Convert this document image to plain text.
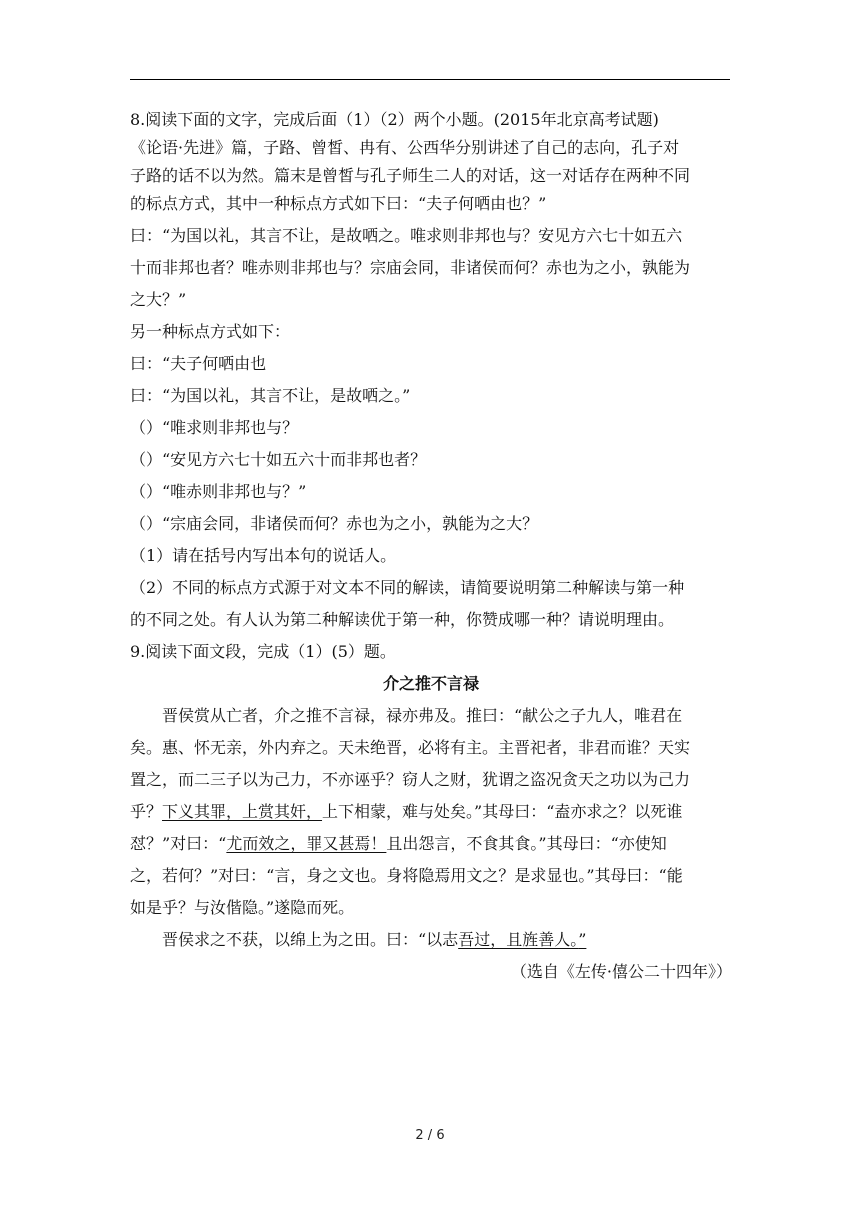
8.阅读下面的文字，完成后面（1）（2）两个小题。(2015年北京高考试题)
《论语·先进》篇，子路、曾皙、冉有、公西华分别讲述了自己的志向，孔子对
子路的话不以为然。篇末是曾皙与孔子师生二人的对话，这一对话存在两种不同
的标点方式，其中一种标点方式如下曰：“夫子何哂由也？”
曰：“为国以礼，其言不让，是故哂之。唯求则非邦也与？安见方六七十如五六
十而非邦也者？唯赤则非邦也与？宗庙会同，非诸侯而何？赤也为之小，孰能为
之大？”
另一种标点方式如下：
曰：“夫子何哂由也
曰：“为国以礼，其言不让，是故哂之。”
（）“唯求则非邦也与？
（）“安见方六七十如五六十而非邦也者？
（）“唯赤则非邦也与？”
（）“宗庙会同，非诸侯而何？赤也为之小，孰能为之大？
（1）请在括号内写出本句的说话人。
（2）不同的标点方式源于对文本不同的解读，请简要说明第二种解读与第一种
的不同之处。有人认为第二种解读优于第一种，你赞成哪一种？请说明理由。
9.阅读下面文段，完成（1）(5）题。
介之推不言禄
晋侯赏从亡者，介之推不言禄，禄亦弗及。推曰：“献公之子九人，唯君在
矣。惠、怀无亲，外内弃之。天未绝晋，必将有主。主晋祀者，非君而谁？天实
置之，而二三子以为己力，不亦诬乎？窃人之财，犹谓之盗况贪天之功以为己力
乎？下义其罪，上赏其奸，上下相蒙，难与处矣。”其母曰：“盍亦求之？以死谁
怼？”对曰：“尤而效之，罪又甚焉！且出怨言，不食其食。”其母曰：“亦使知
之，若何？”对曰：“言，身之文也。身将隐焉用文之？是求显也。”其母曰：“能
如是乎？与汝偕隐。”遂隐而死。
晋侯求之不获，以绵上为之田。曰：“以志吾过，且旌善人。”
（选自《左传·僖公二十四年》）
2 / 6
